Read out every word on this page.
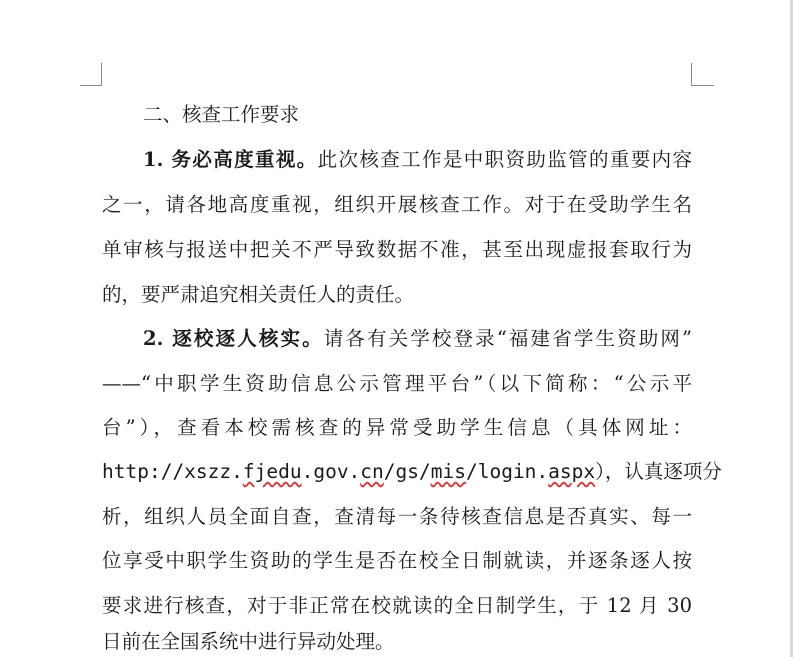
二、核查工作要求
1. 务必高度重视。此次核查工作是中职资助监管的重要内容
之一，请各地高度重视，组织开展核查工作。对于在受助学生名
单审核与报送中把关不严导致数据不准，甚至出现虚报套取行为
的，要严肃追究相关责任人的责任。
2. 逐校逐人核实。请各有关学校登录“福建省学生资助网”
——“中职学生资助信息公示管理平台”（以下简称：“公示平
台”），查看本校需核查的异常受助学生信息（具体网址：
http://xszz.fjedu.gov.cn/gs/mis/login.aspx），认真逐项分
析，组织人员全面自查，查清每一条待核查信息是否真实、每一
位享受中职学生资助的学生是否在校全日制就读，并逐条逐人按
要求进行核查，对于非正常在校就读的全日制学生，于 12 月 30
日前在全国系统中进行异动处理。
